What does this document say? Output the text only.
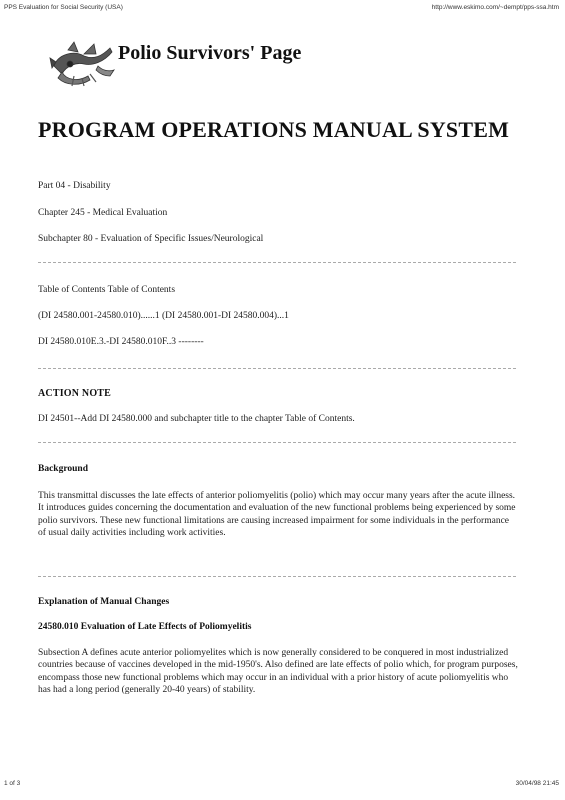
PPS Evaluation for Social Security (USA)	http://www.eskimo.com/~dempt/pps-ssa.htm
Polio Survivors' Page
PROGRAM OPERATIONS MANUAL SYSTEM
Part 04 - Disability
Chapter 245 - Medical Evaluation
Subchapter 80 - Evaluation of Specific Issues/Neurological
Table of Contents Table of Contents
(DI 24580.001-24580.010)......1 (DI 24580.001-DI 24580.004)...1
DI 24580.010E.3.-DI 24580.010F..3 --------
ACTION NOTE
DI 24501--Add DI 24580.000 and subchapter title to the chapter Table of Contents.
Background
This transmittal discusses the late effects of anterior poliomyelitis (polio) which may occur many years after the acute illness. It introduces guides concerning the documentation and evaluation of the new functional problems being experienced by some polio survivors. These new functional limitations are causing increased impairment for some individuals in the performance of usual daily activities including work activities.
Explanation of Manual Changes
24580.010 Evaluation of Late Effects of Poliomyelitis
Subsection A defines acute anterior poliomyelites which is now generally considered to be conquered in most industrialized countries because of vaccines developed in the mid-1950's. Also defined are late effects of polio which, for program purposes, encompass those new functional problems which may occur in an individual with a prior history of acute poliomyelitis who has had a long period (generally 20-40 years) of stability.
1 of 3	30/04/98 21:45
